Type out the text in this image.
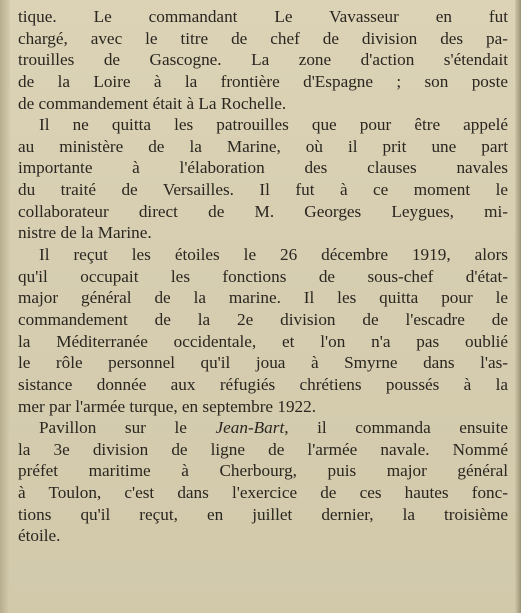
tique. Le commandant Le Vavasseur en fut
chargé, avec le titre de chef de division des pa-
trouilles de Gascogne. La zone d'action s'étendait
de la Loire à la frontière d'Espagne ; son poste
de commandement était à La Rochelle.

Il ne quitta les patrouilles que pour être appelé
au ministère de la Marine, où il prit une part
importante à l'élaboration des clauses navales
du traité de Versailles. Il fut à ce moment le
collaborateur direct de M. Georges Leygues, mi-
nistre de la Marine.

Il reçut les étoiles le 26 décembre 1919, alors
qu'il occupait les fonctions de sous-chef d'état-
major général de la marine. Il les quitta pour le
commandement de la 2e division de l'escadre de
la Méditerranée occidentale, et l'on n'a pas oublié
le rôle personnel qu'il joua à Smyrne dans l'as-
sistance donnée aux réfugiés chrétiens poussés à la
mer par l'armée turque, en septembre 1922.

Pavillon sur le Jean-Bart, il commanda ensuite
la 3e division de ligne de l'armée navale. Nommé
préfet maritime à Cherbourg, puis major général
à Toulon, c'est dans l'exercice de ces hautes fonc-
tions qu'il reçut, en juillet dernier, la troisième
étoile.
